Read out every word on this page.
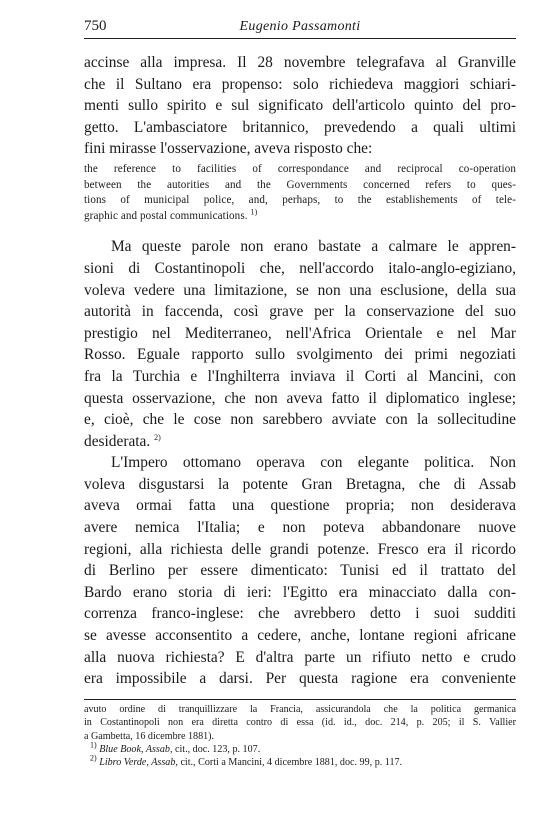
750	Eugenio Passamonti
accinse alla impresa. Il 28 novembre telegrafava al Granville
che il Sultano era propenso: solo richiedeva maggiori schiari-
menti sullo spirito e sul significato dell'articolo quinto del pro-
getto. L'ambasciatore britannico, prevedendo a quali ultimi
fini mirasse l'osservazione, aveva risposto che:
the reference to facilities of correspondance and reciprocal co-operation
between the autorities and the Governments concerned refers to ques-
tions of municipal police, and, perhaps, to the establishements of tele-
graphic and postal communications. $^{1)}$
Ma queste parole non erano bastate a calmare le appren-
sioni di Costantinopoli che, nell'accordo italo-anglo-egiziano,
voleva vedere una limitazione, se non una esclusione, della sua
autorità in faccenda, così grave per la conservazione del suo
prestigio nel Mediterraneo, nell'Africa Orientale e nel Mar
Rosso. Eguale rapporto sullo svolgimento dei primi negoziati
fra la Turchia e l'Inghilterra inviava il Corti al Mancini, con
questa osservazione, che non aveva fatto il diplomatico inglese;
e, cioè, che le cose non sarebbero avviate con la sollecitudine
desiderata. $^{2)}$
L'Impero ottomano operava con elegante politica. Non
voleva disgustarsi la potente Gran Bretagna, che di Assab
aveva ormai fatta una questione propria; non desiderava
avere nemica l'Italia; e non poteva abbandonare nuove
regioni, alla richiesta delle grandi potenze. Fresco era il ricordo
di Berlino per essere dimenticato: Tunisi ed il trattato del
Bardo erano storia di ieri: l'Egitto era minacciato dalla con-
correnza franco-inglese: che avrebbero detto i suoi sudditi
se avesse acconsentito a cedere, anche, lontane regioni africane
alla nuova richiesta? E d'altra parte un rifiuto netto e crudo
era impossibile a darsi. Per questa ragione era conveniente
avuto ordine di tranquillizzare la Francia, assicurandola che la politica germanica
in Costantinopoli non era diretta contro di essa (id. id., doc. 214, p. 205; il S. Vallier
a Gambetta, 16 dicembre 1881).
$^{1)}$ Blue Book, Assab, cit., doc. 123, p. 107.
$^{2)}$ Libro Verde, Assab, cit., Corti a Mancini, 4 dicembre 1881, doc. 99, p. 117.
